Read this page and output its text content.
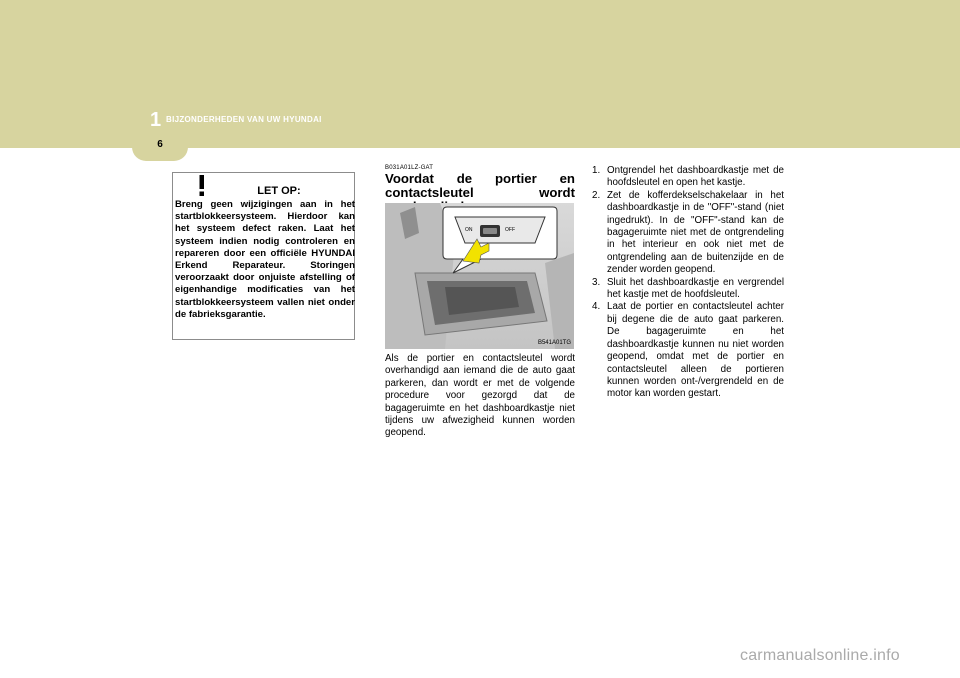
1 BIJZONDERHEDEN VAN UW HYUNDAI
6
LET OP:
Breng geen wijzigingen aan in het startblokkeersysteem. Hierdoor kan het systeem defect raken. Laat het systeem indien nodig controleren en repareren door een officiële HYUNDAI Erkend Reparateur. Storingen veroorzaakt door onjuiste afstelling of eigenhandige modificaties van het startblokkeersysteem vallen niet onder de fabrieksgarantie.
B031A01LZ-GAT
Voordat de portier en contactsleutel wordt
ON	OFF
B541A01TG
Als de portier en contactsleutel wordt overhandigd aan iemand die de auto gaat parkeren, dan wordt er met de volgende procedure voor gezorgd dat de bagageruimte en het dashboardkastje niet tijdens uw afwezigheid kunnen worden geopend.
1. Ontgrendel het dashboardkastje met de hoofdsleutel en open het kastje.
2. Zet de kofferdekselschakelaar in het dashboardkastje in de "OFF"-stand (niet ingedrukt). In de "OFF"-stand kan de bagageruimte niet met de ontgrendeling in het interieur en ook niet met de ontgrendeling aan de buitenzijde en de zender worden geopend.
3. Sluit het dashboardkastje en vergrendel het kastje met de hoofdsleutel.
4. Laat de portier en contactsleutel achter bij degene die de auto gaat parkeren. De bagageruimte en het dashboardkastje kunnen nu niet worden geopend, omdat met de portier en contactsleutel alleen de portieren kunnen worden ont-/vergrendeld en de motor kan worden gestart.
carmanualsonline.info
